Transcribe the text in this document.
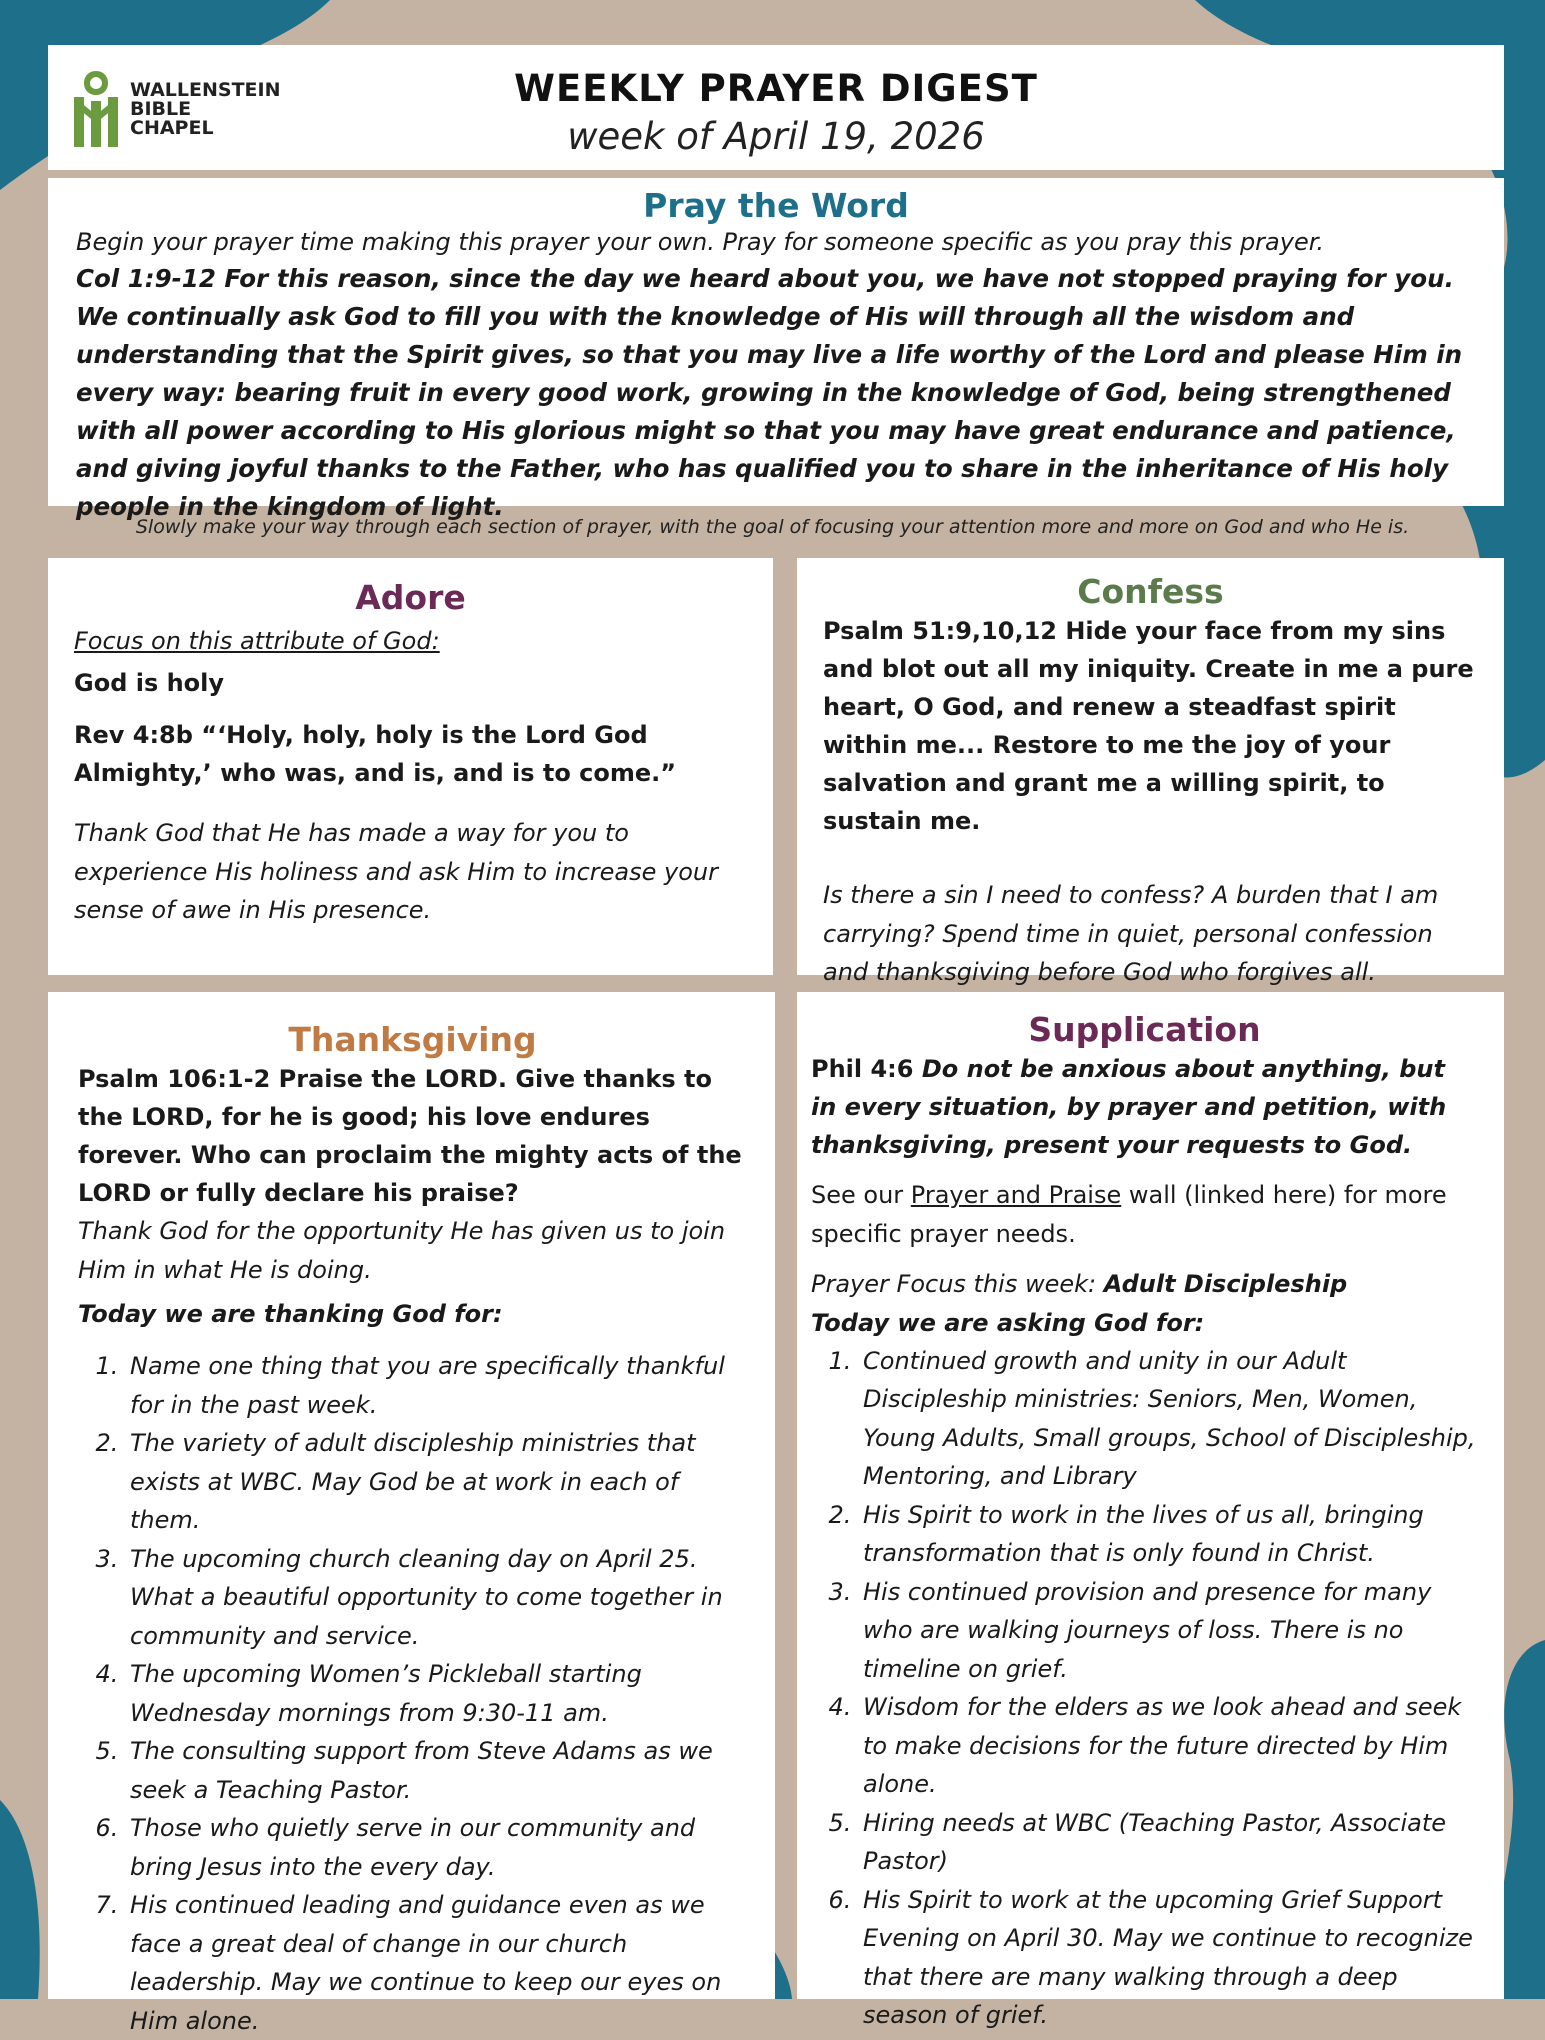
WALLENSTEIN
BIBLE
CHAPEL
WEEKLY PRAYER DIGEST
week of April 19, 2026
Pray the Word
Begin your prayer time making this prayer your own. Pray for someone specific as you pray this prayer.
Col 1:9-12 For this reason, since the day we heard about you, we have not stopped praying for you. We continually ask God to fill you with the knowledge of His will through all the wisdom and understanding that the Spirit gives, so that you may live a life worthy of the Lord and please Him in every way: bearing fruit in every good work, growing in the knowledge of God, being strengthened with all power according to His glorious might so that you may have great endurance and patience, and giving joyful thanks to the Father, who has qualified you to share in the inheritance of His holy people in the kingdom of light.
Slowly make your way through each section of prayer, with the goal of focusing your attention more and more on God and who He is.
Adore
Focus on this attribute of God:
God is holy
Rev 4:8b “‘Holy, holy, holy is the Lord God Almighty,’ who was, and is, and is to come.”
Thank God that He has made a way for you to experience His holiness and ask Him to increase your sense of awe in His presence.
Confess
Psalm 51:9,10,12 Hide your face from my sins and blot out all my iniquity. Create in me a pure heart, O God, and renew a steadfast spirit within me... Restore to me the joy of your salvation and grant me a willing spirit, to sustain me.
Is there a sin I need to confess? A burden that I am carrying? Spend time in quiet, personal confession and thanksgiving before God who forgives all.
Thanksgiving
Psalm 106:1-2 Praise the LORD. Give thanks to the LORD, for he is good; his love endures forever. Who can proclaim the mighty acts of the LORD or fully declare his praise?
Thank God for the opportunity He has given us to join Him in what He is doing.
Today we are thanking God for:
1. Name one thing that you are specifically thankful for in the past week.
2. The variety of adult discipleship ministries that exists at WBC. May God be at work in each of them.
3. The upcoming church cleaning day on April 25. What a beautiful opportunity to come together in community and service.
4. The upcoming Women’s Pickleball starting Wednesday mornings from 9:30-11 am.
5. The consulting support from Steve Adams as we seek a Teaching Pastor.
6. Those who quietly serve in our community and bring Jesus into the every day.
7. His continued leading and guidance even as we face a great deal of change in our church leadership. May we continue to keep our eyes on Him alone.
Supplication
Phil 4:6 Do not be anxious about anything, but in every situation, by prayer and petition, with thanksgiving, present your requests to God.
See our Prayer and Praise wall (linked here) for more specific prayer needs.
Prayer Focus this week: Adult Discipleship
Today we are asking God for:
1. Continued growth and unity in our Adult Discipleship ministries: Seniors, Men, Women, Young Adults, Small groups, School of Discipleship, Mentoring, and Library
2. His Spirit to work in the lives of us all, bringing transformation that is only found in Christ.
3. His continued provision and presence for many who are walking journeys of loss. There is no timeline on grief.
4. Wisdom for the elders as we look ahead and seek to make decisions for the future directed by Him alone.
5. Hiring needs at WBC (Teaching Pastor, Associate Pastor)
6. His Spirit to work at the upcoming Grief Support Evening on April 30. May we continue to recognize that there are many walking through a deep season of grief.
